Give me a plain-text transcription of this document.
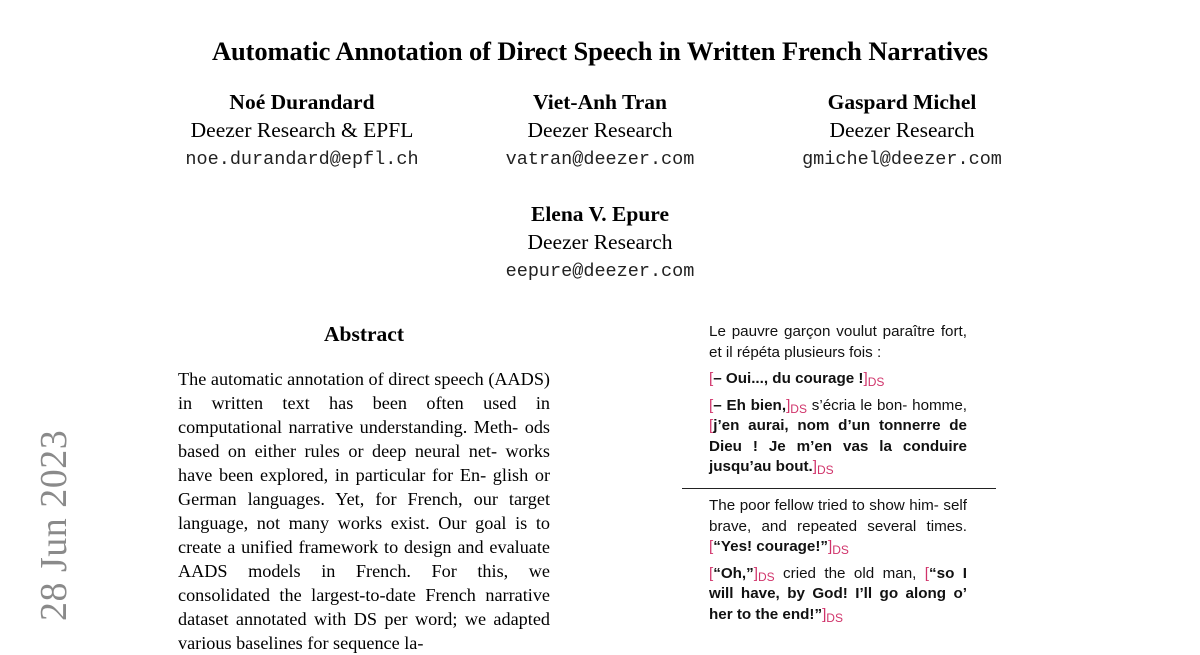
28 Jun 2023
Automatic Annotation of Direct Speech in Written French Narratives
Noé Durandard
Deezer Research & EPFL
noe.durandard@epfl.ch
Viet-Anh Tran
Deezer Research
vatran@deezer.com
Gaspard Michel
Deezer Research
gmichel@deezer.com
Elena V. Epure
Deezer Research
eepure@deezer.com
Abstract
The automatic annotation of direct speech (AADS) in written text has been often used in computational narrative understanding. Meth- ods based on either rules or deep neural net- works have been explored, in particular for En- glish or German languages. Yet, for French, our target language, not many works exist. Our goal is to create a unified framework to design and evaluate AADS models in French. For this, we consolidated the largest-to-date French narrative dataset annotated with DS per word; we adapted various baselines for sequence la-

Le pauvre garçon voulut paraître fort, et il répéta plusieurs fois :

[– Oui..., du courage !]DS

[– Eh bien,]DS s’écria le bon- homme, [j’en aurai, nom d’un tonnerre de Dieu ! Je m’en vas la conduire jusqu’au bout.]DS

The poor fellow tried to show him- self brave, and repeated several times. [“Yes! courage!”]DS

[“Oh,”]DS cried the old man, [“so I will have, by God! I’ll go along o’ her to the end!”]DS
